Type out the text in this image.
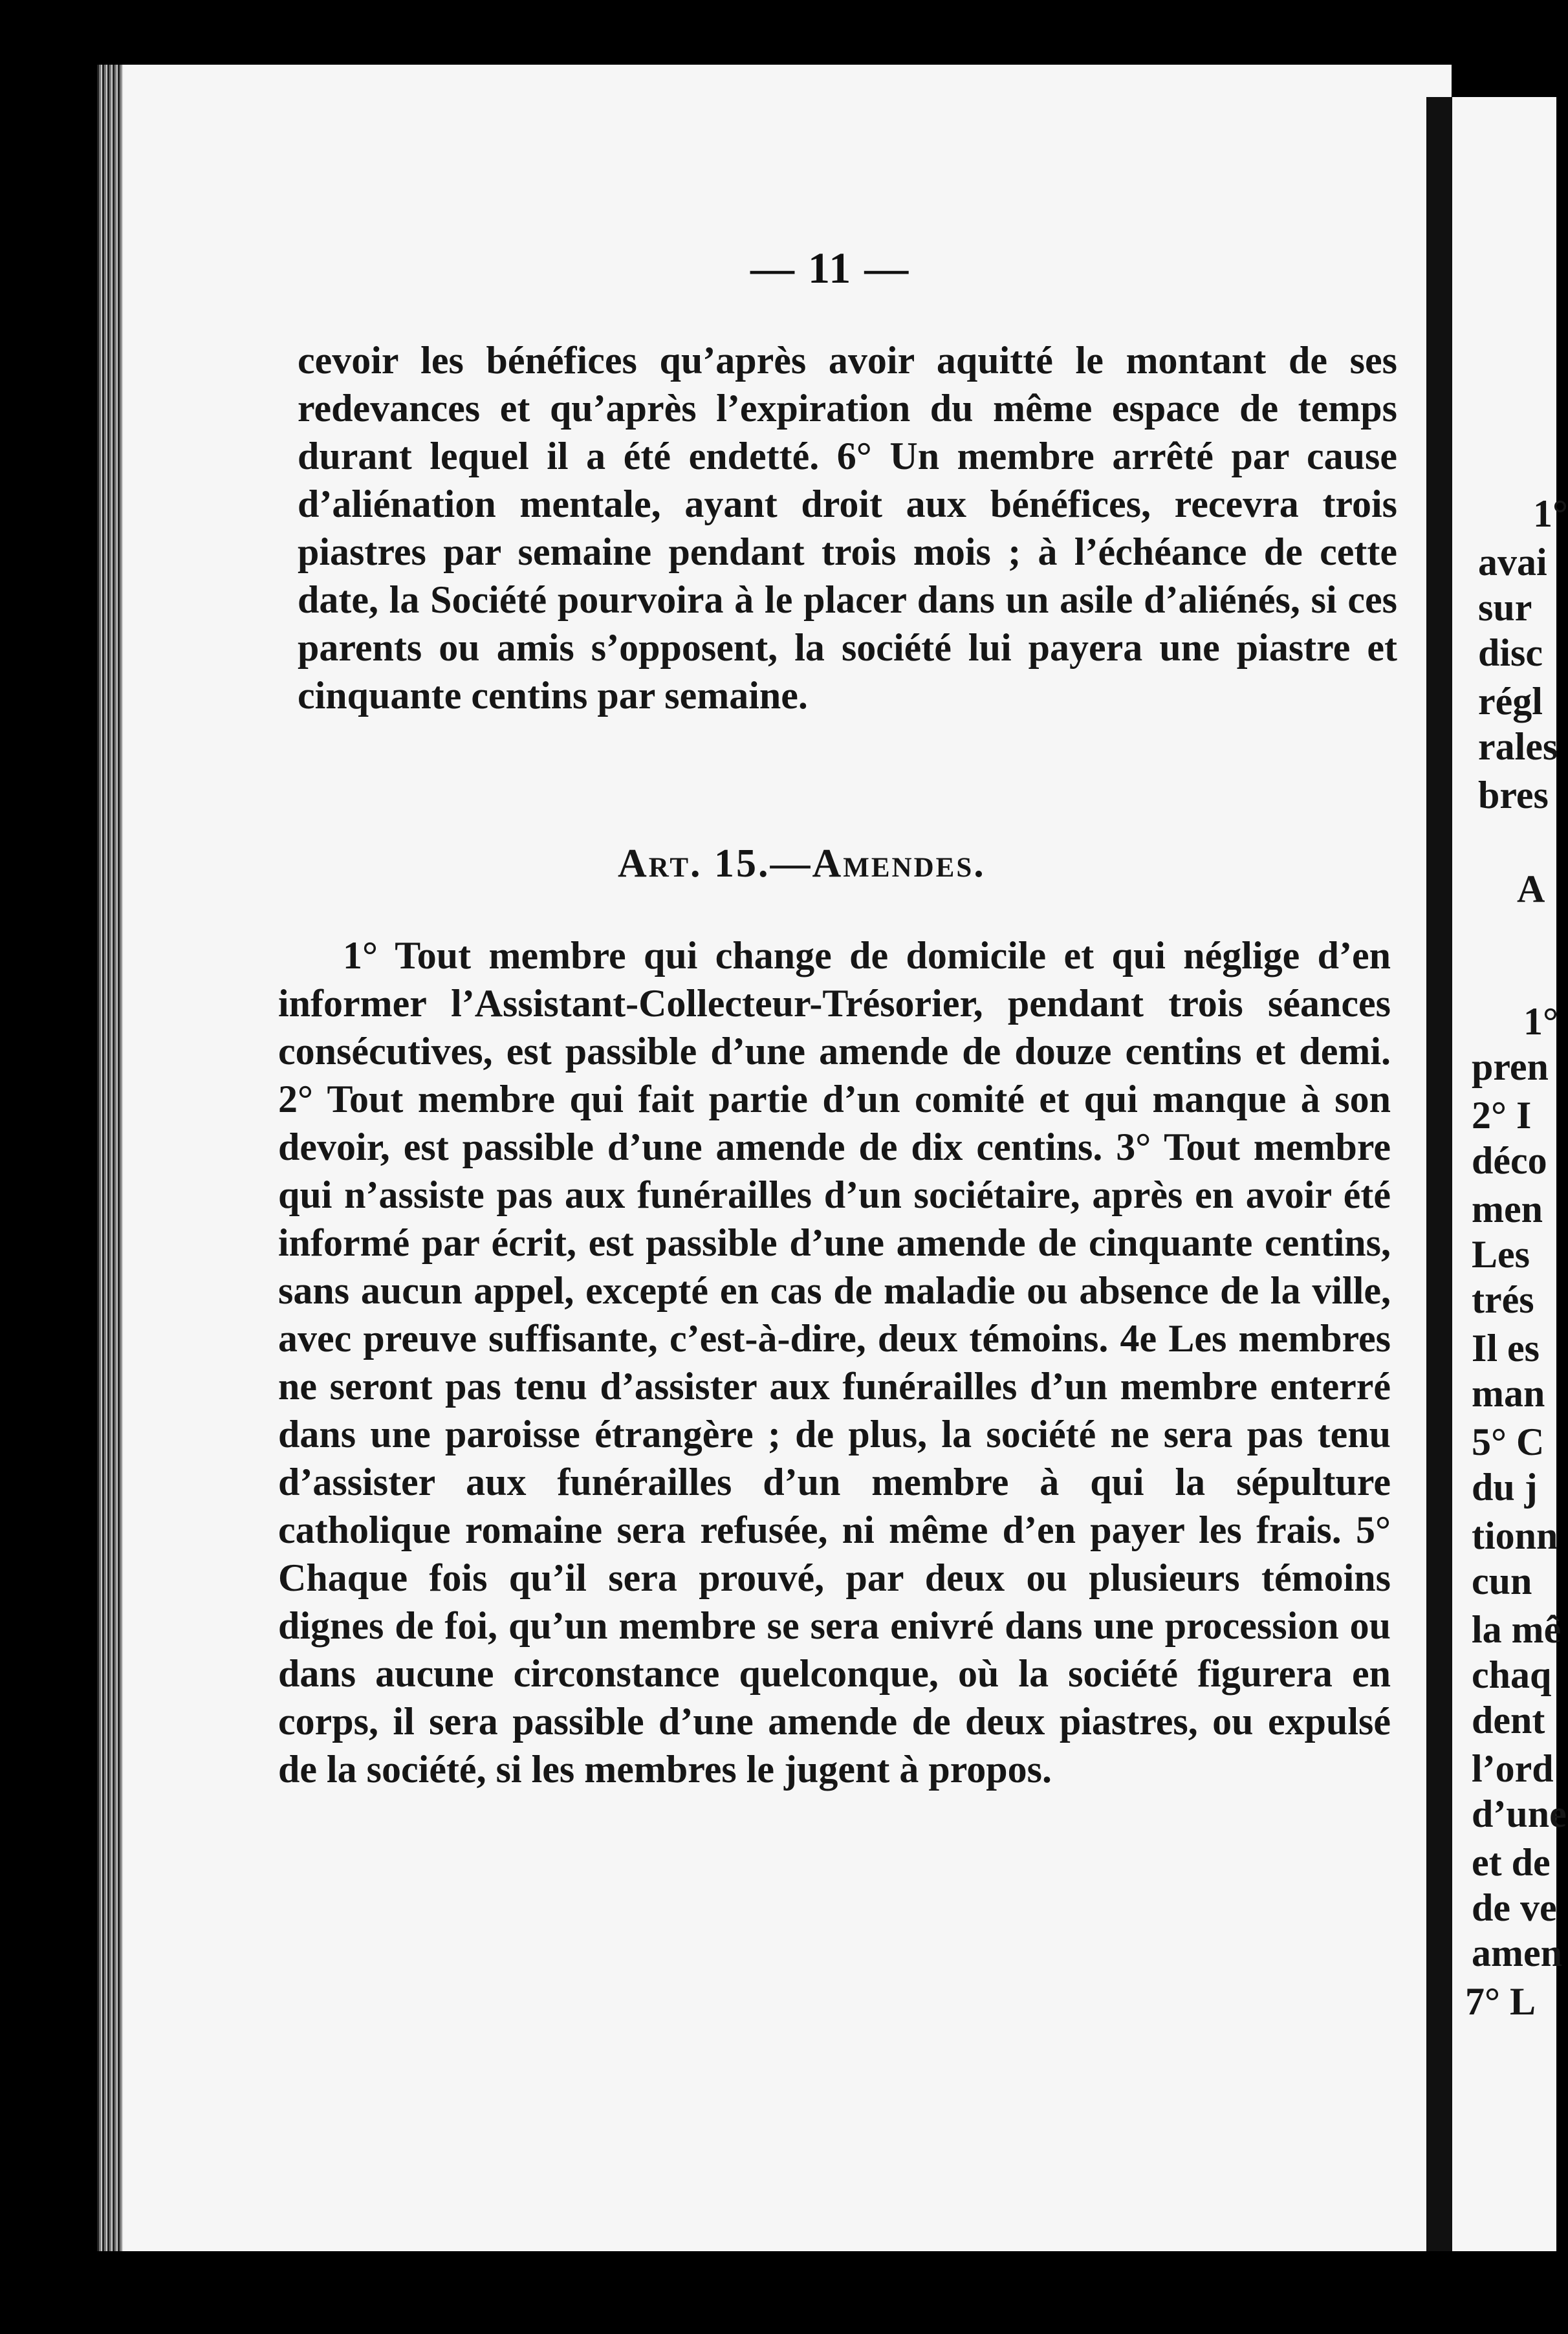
— 11 —

cevoir les bénéfices qu’après avoir aquitté le montant de ses redevances et qu’après l’expiration du même espace de temps durant lequel il a été endetté. 6° Un membre arrêté par cause d’aliénation mentale, ayant droit aux bénéfices, recevra trois piastres par semaine pendant trois mois ; à l’échéance de cette date, la Société pourvoira à le placer dans un asile d’aliénés, si ces parents ou amis s’opposent, la société lui payera une piastre et cinquante centins par semaine.

Art. 15.—Amendes.

1° Tout membre qui change de domicile et qui néglige d’en informer l’Assistant-Collecteur-Trésorier, pendant trois séances consécutives, est passible d’une amende de douze centins et demi. 2° Tout membre qui fait partie d’un comité et qui manque à son devoir, est passible d’une amende de dix centins. 3° Tout membre qui n’assiste pas aux funérailles d’un sociétaire, après en avoir été informé par écrit, est passible d’une amende de cinquante centins, sans aucun appel, excepté en cas de maladie ou absence de la ville, avec preuve suffisante, c’est-à-dire, deux témoins. 4e Les membres ne seront pas tenu d’assister aux funérailles d’un membre enterré dans une paroisse étrangère ; de plus, la société ne sera pas tenu d’assister aux funérailles d’un membre à qui la sépulture catholique romaine sera refusée, ni même d’en payer les frais. 5° Chaque fois qu’il sera prouvé, par deux ou plusieurs témoins dignes de foi, qu’un membre se sera enivré dans une procession ou dans aucune circonstance quelconque, où la société figurera en corps, il sera passible d’une amende de deux piastres, ou expulsé de la société, si les membres le jugent à propos.

1°
avai
sur
disc
régl
rales
bres
A
1°
pren
2° I
déco
men
Les
trés
Il es
man
5° C
du j
tionn
cun
la mê
chaq
dent
l’ord
d’une
et de
de ve
amen
7° L
